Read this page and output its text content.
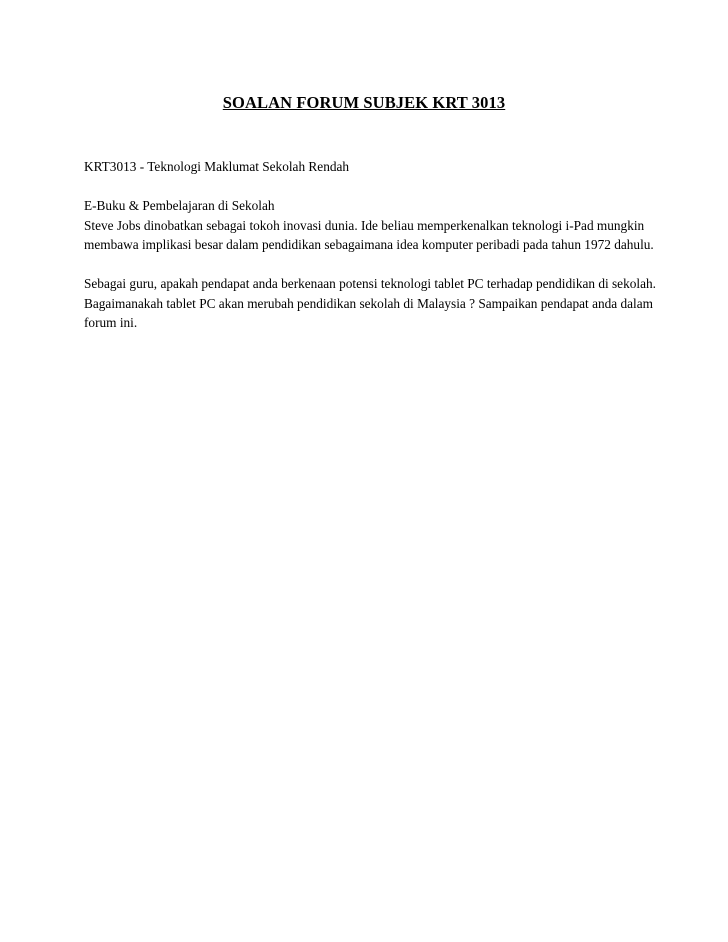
SOALAN FORUM SUBJEK KRT 3013

KRT3013 - Teknologi Maklumat Sekolah Rendah

E-Buku & Pembelajaran di Sekolah

Steve Jobs dinobatkan sebagai tokoh inovasi dunia. Ide beliau memperkenalkan teknologi i-Pad mungkin membawa implikasi besar dalam pendidikan sebagaimana idea komputer peribadi pada tahun 1972 dahulu.

Sebagai guru, apakah pendapat anda berkenaan potensi teknologi tablet PC terhadap pendidikan di sekolah. Bagaimanakah tablet PC akan merubah pendidikan sekolah di Malaysia ? Sampaikan pendapat anda dalam forum ini.
